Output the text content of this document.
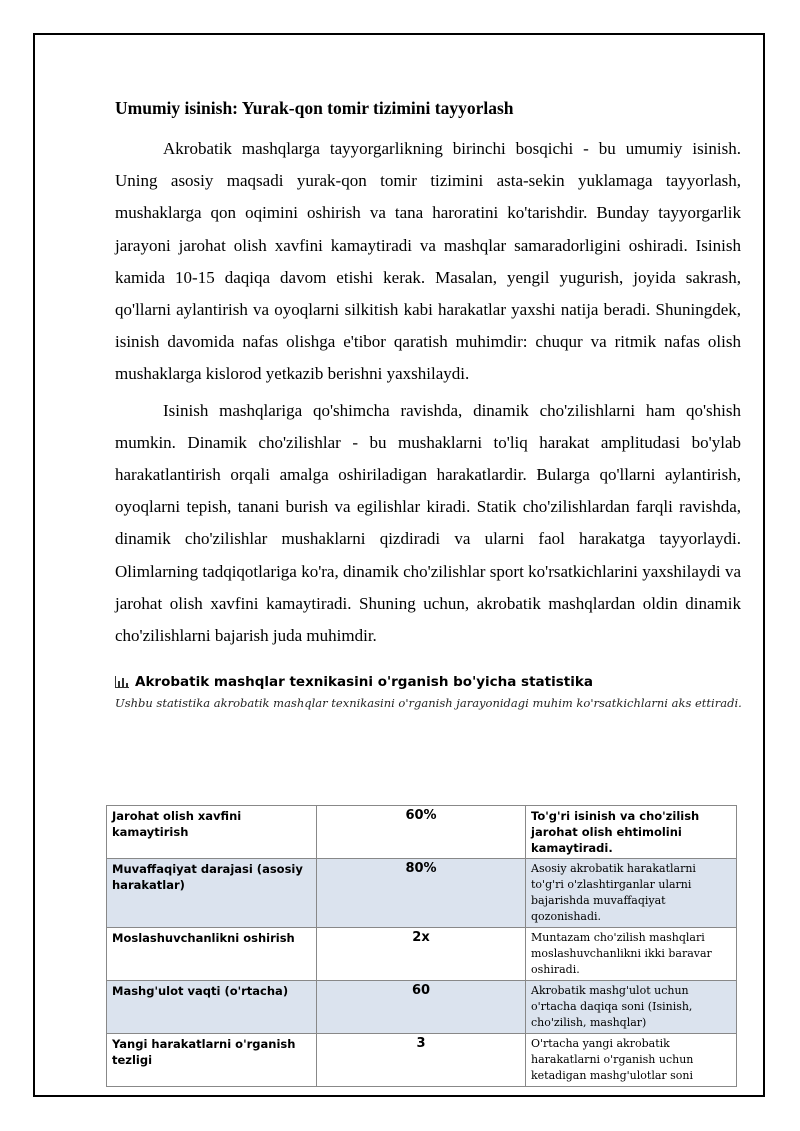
Umumiy isinish: Yurak-qon tomir tizimini tayyorlash

Akrobatik mashqlarga tayyorgarlikning birinchi bosqichi - bu umumiy isinish. Uning asosiy maqsadi yurak-qon tomir tizimini asta-sekin yuklamaga tayyorlash, mushaklarga qon oqimini oshirish va tana haroratini ko'tarishdir. Bunday tayyorgarlik jarayoni jarohat olish xavfini kamaytiradi va mashqlar samaradorligini oshiradi. Isinish kamida 10-15 daqiqa davom etishi kerak. Masalan, yengil yugurish, joyida sakrash, qo'llarni aylantirish va oyoqlarni silkitish kabi harakatlar yaxshi natija beradi. Shuningdek, isinish davomida nafas olishga e'tibor qaratish muhimdir: chuqur va ritmik nafas olish mushaklarga kislorod yetkazib berishni yaxshilaydi.

Isinish mashqlariga qo'shimcha ravishda, dinamik cho'zilishlarni ham qo'shish mumkin. Dinamik cho'zilishlar - bu mushaklarni to'liq harakat amplitudasi bo'ylab harakatlantirish orqali amalga oshiriladigan harakatlardir. Bularga qo'llarni aylantirish, oyoqlarni tepish, tanani burish va egilishlar kiradi. Statik cho'zilishlardan farqli ravishda, dinamik cho'zilishlar mushaklarni qizdiradi va ularni faol harakatga tayyorlaydi. Olimlarning tadqiqotlariga ko'ra, dinamik cho'zilishlar sport ko'rsatkichlarini yaxshilaydi va jarohat olish xavfini kamaytiradi. Shuning uchun, akrobatik mashqlardan oldin dinamik cho'zilishlarni bajarish juda muhimdir.

Akrobatik mashqlar texnikasini o'rganish bo'yicha statistika

Ushbu statistika akrobatik mashqlar texnikasini o'rganish jarayonidagi muhim ko'rsatkichlarni aks ettiradi.

Jarohat olish xavfini kamaytirish	60%	To'g'ri isinish va cho'zilish jarohat olish ehtimolini kamaytiradi.
Muvaffaqiyat darajasi (asosiy harakatlar)	80%	Asosiy akrobatik harakatlarni to'g'ri o'zlashtirganlar ularni bajarishda muvaffaqiyat qozonishadi.
Moslashuvchanlikni oshirish	2x	Muntazam cho'zilish mashqlari moslashuvchanlikni ikki baravar oshiradi.
Mashg'ulot vaqti (o'rtacha)	60	Akrobatik mashg'ulot uchun o'rtacha daqiqa soni (Isinish, cho'zilish, mashqlar)
Yangi harakatlarni o'rganish tezligi	3	O'rtacha yangi akrobatik harakatlarni o'rganish uchun ketadigan mashg'ulotlar soni
